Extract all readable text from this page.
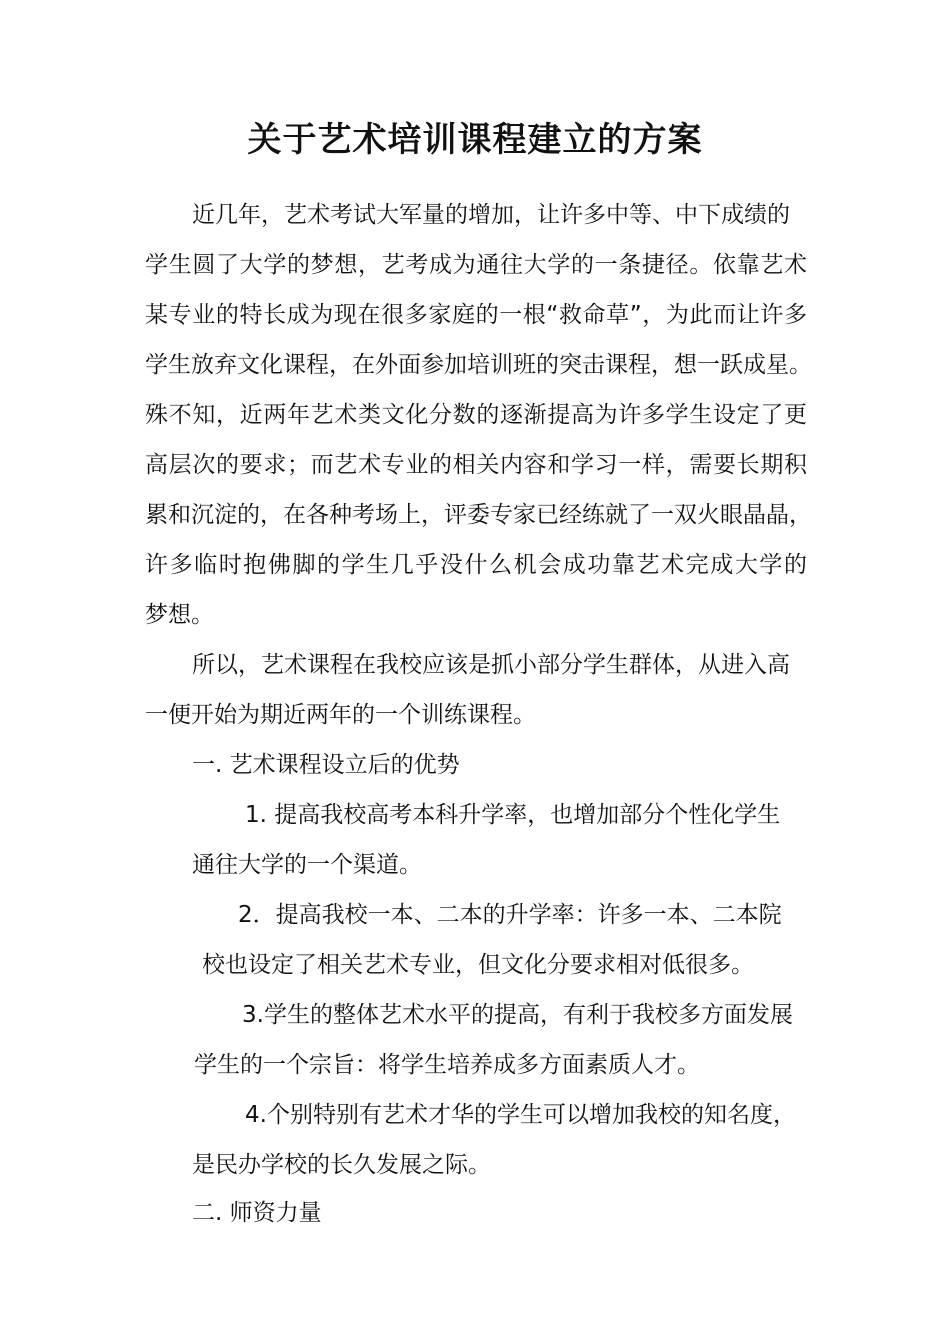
关于艺术培训课程建立的方案

近几年，艺术考试大军量的增加，让许多中等、中下成绩的

学生圆了大学的梦想，艺考成为通往大学的一条捷径。依靠艺术

某专业的特长成为现在很多家庭的一根“救命草”，为此而让许多

学生放弃文化课程，在外面参加培训班的突击课程，想一跃成星。

殊不知，近两年艺术类文化分数的逐渐提高为许多学生设定了更

高层次的要求；而艺术专业的相关内容和学习一样，需要长期积

累和沉淀的，在各种考场上，评委专家已经练就了一双火眼晶晶，

许多临时抱佛脚的学生几乎没什么机会成功靠艺术完成大学的

梦想。

所以，艺术课程在我校应该是抓小部分学生群体，从进入高

一便开始为期近两年的一个训练课程。

一. 艺术课程设立后的优势

1. 提高我校高考本科升学率，也增加部分个性化学生

通往大学的一个渠道。

2．提高我校一本、二本的升学率：许多一本、二本院

校也设定了相关艺术专业，但文化分要求相对低很多。

3.学生的整体艺术水平的提高，有利于我校多方面发展

学生的一个宗旨：将学生培养成多方面素质人才。

4.个别特别有艺术才华的学生可以增加我校的知名度，

是民办学校的长久发展之际。

二. 师资力量
